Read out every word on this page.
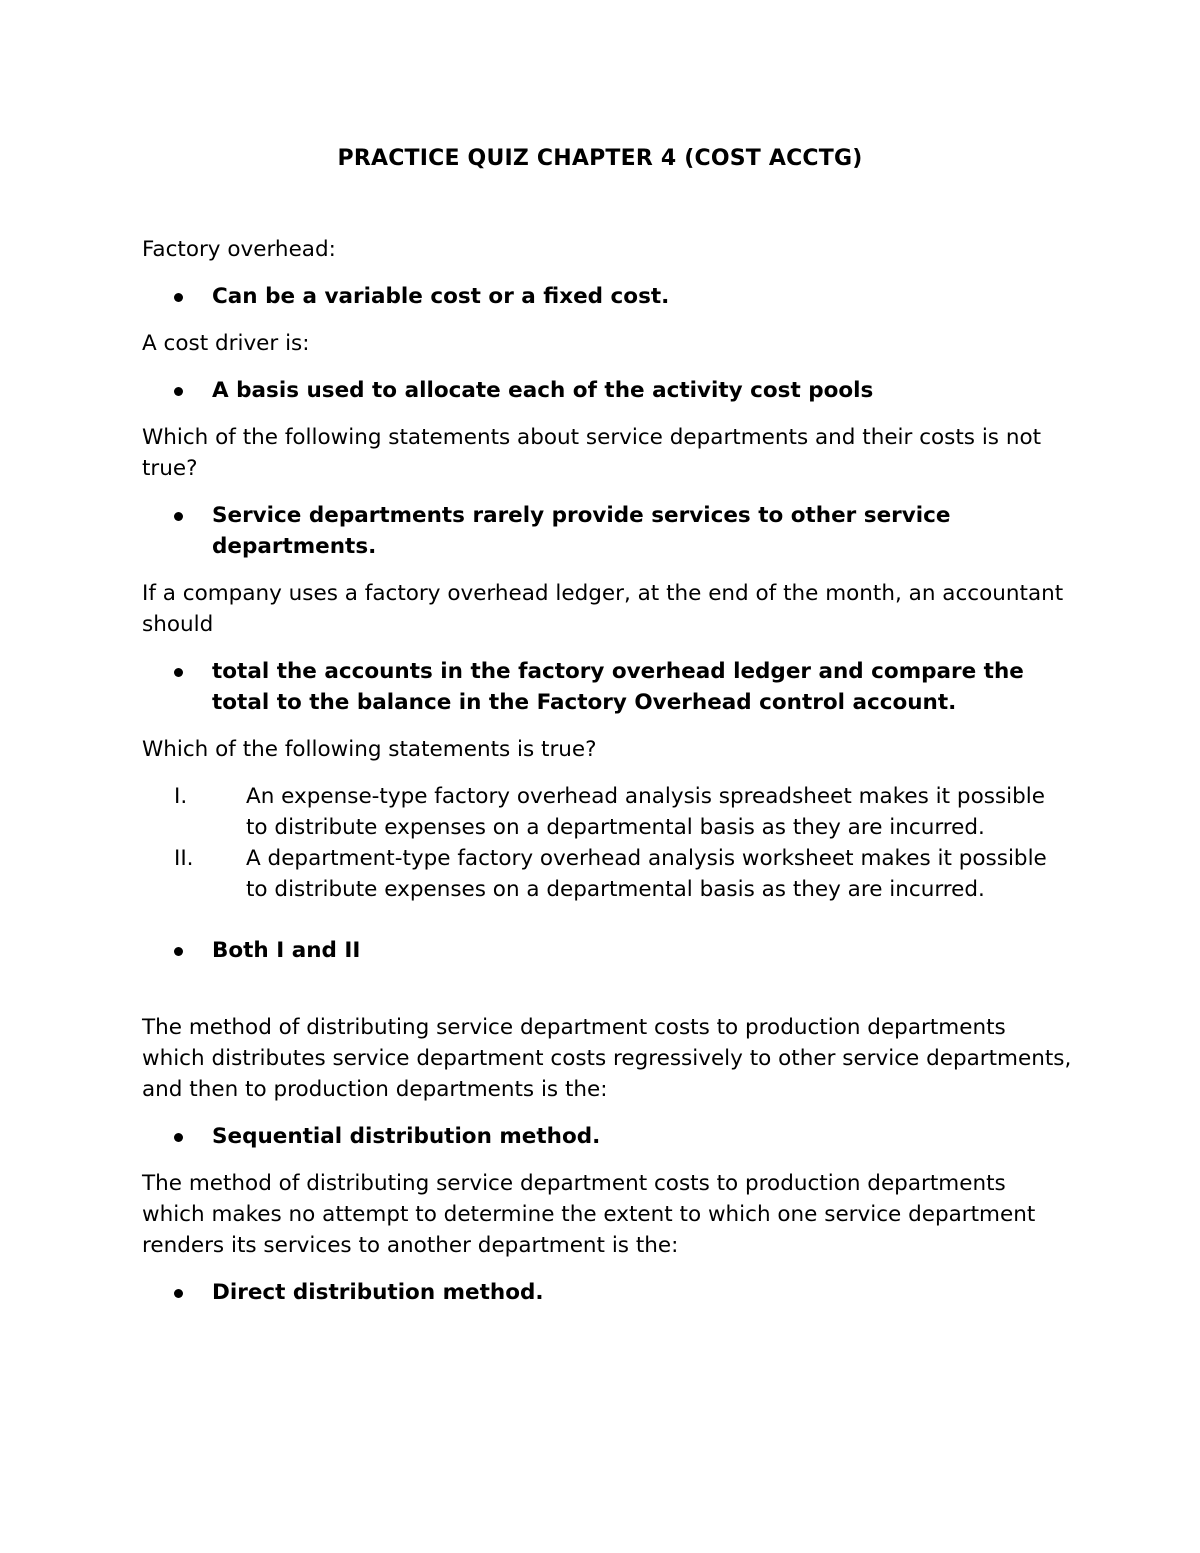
PRACTICE QUIZ CHAPTER 4 (COST ACCTG)
Factory overhead:
Can be a variable cost or a fixed cost.
A cost driver is:
A basis used to allocate each of the activity cost pools
Which of the following statements about service departments and their costs is not true?
Service departments rarely provide services to other service departments.
If a company uses a factory overhead ledger, at the end of the month, an accountant should
total the accounts in the factory overhead ledger and compare the total to the balance in the Factory Overhead control account.
Which of the following statements is true?
I.	An expense-type factory overhead analysis spreadsheet makes it possible to distribute expenses on a departmental basis as they are incurred.
II. A department-type factory overhead analysis worksheet makes it possible to distribute expenses on a departmental basis as they are incurred.
Both I and II
The method of distributing service department costs to production departments which distributes service department costs regressively to other service departments, and then to production departments is the:
Sequential distribution method.
The method of distributing service department costs to production departments which makes no attempt to determine the extent to which one service department renders its services to another department is the:
Direct distribution method.
